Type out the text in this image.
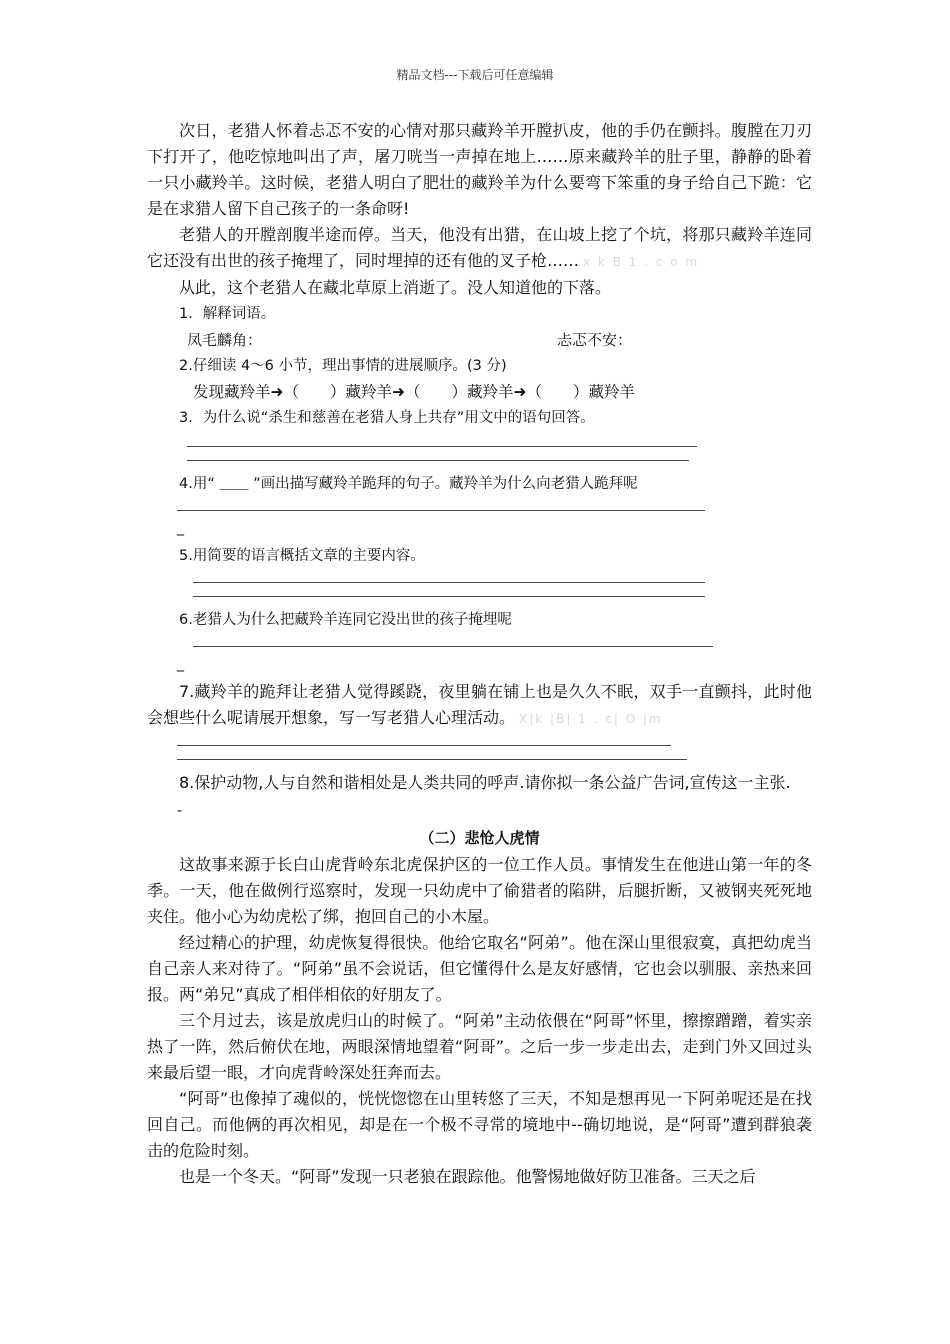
精品文档---下载后可任意编辑

次日，老猎人怀着忐忑不安的心情对那只藏羚羊开膛扒皮，他的手仍在颤抖。腹膛在刀刃下打开了，他吃惊地叫出了声，屠刀咣当一声掉在地上……原来藏羚羊的肚子里，静静的卧着一只小藏羚羊。这时候，老猎人明白了肥壮的藏羚羊为什么要弯下笨重的身子给自己下跪：它是在求猎人留下自己孩子的一条命呀!

老猎人的开膛剖腹半途而停。当天，他没有出猎，在山坡上挖了个坑，将那只藏羚羊连同它还没有出世的孩子掩埋了，同时埋掉的还有他的叉子枪…… x k B 1 . c o m

从此，这个老猎人在藏北草原上消逝了。没人知道他的下落。

1．解释词语。

凤毛麟角：	忐忑不安：

2.仔细读 4～6 小节，理出事情的进展顺序。(3 分)

发现藏羚羊➜（　　）藏羚羊➜（　　）藏羚羊➜（　　）藏羚羊

3．为什么说“杀生和慈善在老猎人身上共存”用文中的语句回答。

4.用“ ＿＿ ”画出描写藏羚羊跪拜的句子。藏羚羊为什么向老猎人跪拜呢

_

5.用简要的语言概括文章的主要内容。

6.老猎人为什么把藏羚羊连同它没出世的孩子掩埋呢

_

7.藏羚羊的跪拜让老猎人觉得蹊跷，夜里躺在铺上也是久久不眠，双手一直颤抖，此时他会想些什么呢请展开想象，写一写老猎人心理活动。 X|k |B| 1 . c| O |m

8.保护动物,人与自然和谐相处是人类共同的呼声.请你拟一条公益广告词,宣传这一主张.

-

（二）悲怆人虎情

这故事来源于长白山虎背岭东北虎保护区的一位工作人员。事情发生在他进山第一年的冬季。一天，他在做例行巡察时，发现一只幼虎中了偷猎者的陷阱，后腿折断，又被钢夹死死地夹住。他小心为幼虎松了绑，抱回自己的小木屋。

经过精心的护理，幼虎恢复得很快。他给它取名“阿弟”。他在深山里很寂寞，真把幼虎当自己亲人来对待了。“阿弟”虽不会说话，但它懂得什么是友好感情，它也会以驯服、亲热来回报。两“弟兄”真成了相伴相依的好朋友了。

三个月过去，该是放虎归山的时候了。“阿弟”主动依偎在“阿哥”怀里，擦擦蹭蹭，着实亲热了一阵，然后俯伏在地，两眼深情地望着“阿哥”。之后一步一步走出去，走到门外又回过头来最后望一眼，才向虎背岭深处狂奔而去。

“阿哥”也像掉了魂似的，恍恍惚惚在山里转悠了三天，不知是想再见一下阿弟呢还是在找回自己。而他俩的再次相见，却是在一个极不寻常的境地中--确切地说，是“阿哥”遭到群狼袭击的危险时刻。

也是一个冬天。“阿哥”发现一只老狼在跟踪他。他警惕地做好防卫准备。三天之后
